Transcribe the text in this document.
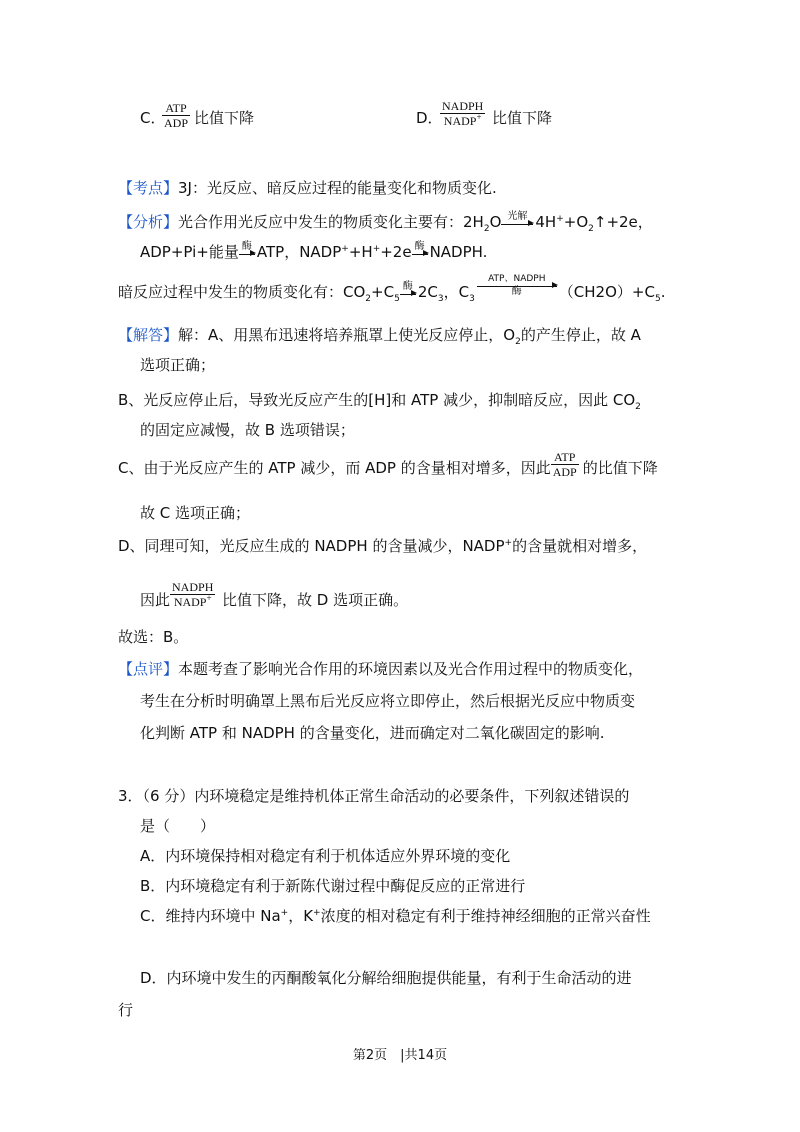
C．
ATP
ADP 比值下降	D．
NADPH
NADP+ 比值下降
【考点】3J：光反应、暗反应过程的能量变化和物质变化.
【分析】光合作用光反应中发生的物质变化主要有：$2H_2O$ 光解 $4H^++O_2↑+2e$，
ADP+Pi+能量 酶 ATP，NADP++H++2e 酶 NADPH.
暗反应过程中发生的物质变化有：$CO_2+C_5$
酶 $2C_3$，$C_3$
ATP、NADPH
酶	$(CH2O)+C_5$.
【解答】解：A、用黑布迅速将培养瓶罩上使光反应停止，$O_2$的产生停止，故 A
选项正确；
B、光反应停止后，导致光反应产生的[H]和 ATP 减少，抑制暗反应，因此 $CO_2$
的固定应减慢，故 B 选项错误；
C、由于光反应产生的 ATP 减少，而 ADP 的含量相对增多，因此
ATP
ADP 的比值下降
故 C 选项正确；
D、同理可知，光反应生成的 NADPH 的含量减少，NADP+的含量就相对增多，
因此
NADPH
NADP+ 比值下降，故 D 选项正确。
故选：B。
【点评】本题考查了影响光合作用的环境因素以及光合作用过程中的物质变化，
考生在分析时明确罩上黑布后光反应将立即停止，然后根据光反应中物质变
化判断 ATP 和 NADPH 的含量变化，进而确定对二氧化碳固定的影响.
3．（6 分）内环境稳定是维持机体正常生命活动的必要条件，下列叙述错误的
是（　　）
A．内环境保持相对稳定有利于机体适应外界环境的变化
B．内环境稳定有利于新陈代谢过程中酶促反应的正常进行
C．维持内环境中 Na+，K+浓度的相对稳定有利于维持神经细胞的正常兴奋性
D．内环境中发生的丙酮酸氧化分解给细胞提供能量，有利于生命活动的进
行
第2页　|共14页
